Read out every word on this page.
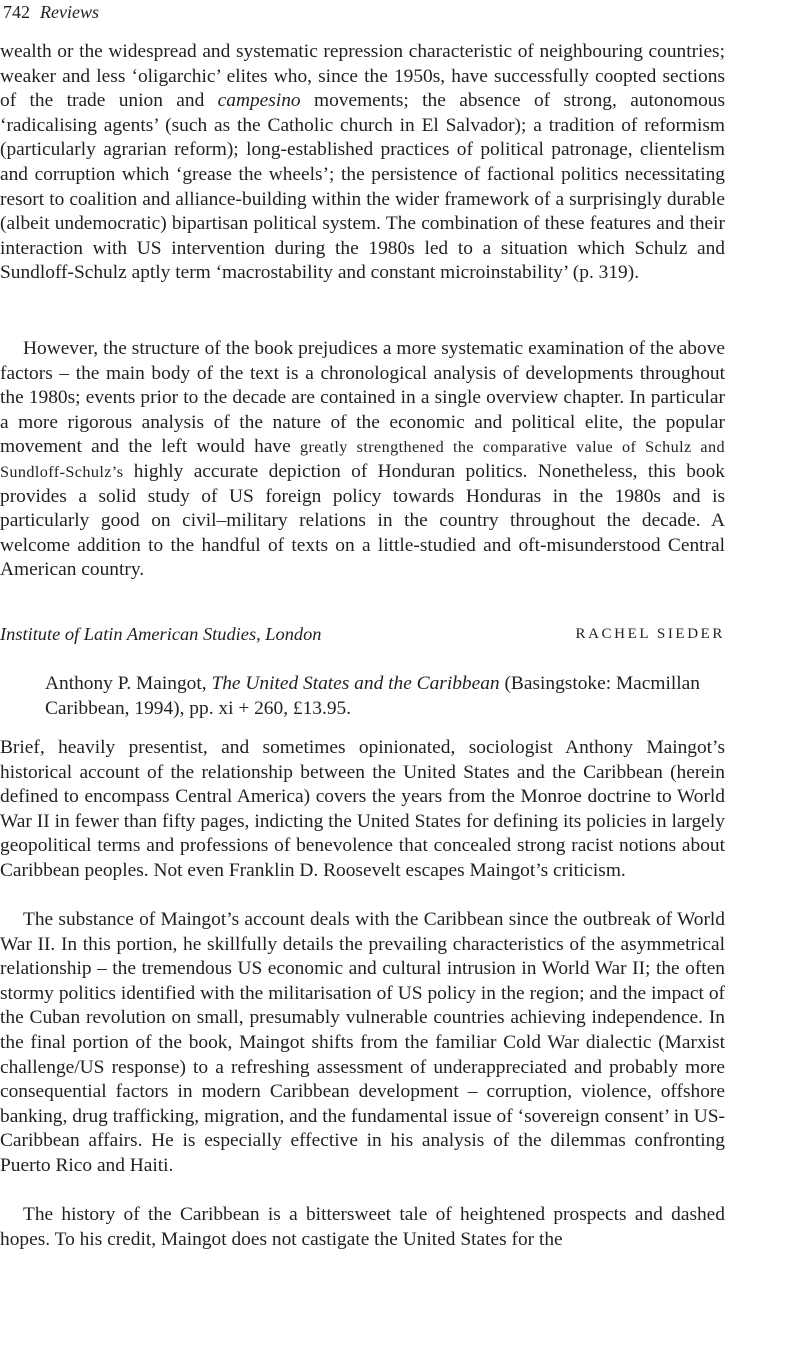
742 Reviews
wealth or the widespread and systematic repression characteristic of neighbouring countries; weaker and less ‘oligarchic’ elites who, since the 1950s, have successfully coopted sections of the trade union and campesino movements; the absence of strong, autonomous ‘radicalising agents’ (such as the Catholic church in El Salvador); a tradition of reformism (particularly agrarian reform); long-established practices of political patronage, clientelism and corruption which ‘grease the wheels’; the persistence of factional politics necessitating resort to coalition and alliance-building within the wider framework of a surprisingly durable (albeit undemocratic) bipartisan political system. The combination of these features and their interaction with US intervention during the 1980s led to a situation which Schulz and Sundloff-Schulz aptly term ‘macrostability and constant microinstability’ (p. 319).
However, the structure of the book prejudices a more systematic examination of the above factors – the main body of the text is a chronological analysis of developments throughout the 1980s; events prior to the decade are contained in a single overview chapter. In particular a more rigorous analysis of the nature of the economic and political elite, the popular movement and the left would have greatly strengthened the comparative value of Schulz and Sundloff-Schulz’s highly accurate depiction of Honduran politics. Nonetheless, this book provides a solid study of US foreign policy towards Honduras in the 1980s and is particularly good on civil–military relations in the country throughout the decade. A welcome addition to the handful of texts on a little-studied and oft-misunderstood Central American country.
Institute of Latin American Studies, London	RACHEL SIEDER
Anthony P. Maingot, The United States and the Caribbean (Basingstoke: Macmillan Caribbean, 1994), pp. xi + 260, £13.95.
Brief, heavily presentist, and sometimes opinionated, sociologist Anthony Maingot’s historical account of the relationship between the United States and the Caribbean (herein defined to encompass Central America) covers the years from the Monroe doctrine to World War II in fewer than fifty pages, indicting the United States for defining its policies in largely geopolitical terms and professions of benevolence that concealed strong racist notions about Caribbean peoples. Not even Franklin D. Roosevelt escapes Maingot’s criticism.
The substance of Maingot’s account deals with the Caribbean since the outbreak of World War II. In this portion, he skillfully details the prevailing characteristics of the asymmetrical relationship – the tremendous US economic and cultural intrusion in World War II; the often stormy politics identified with the militarisation of US policy in the region; and the impact of the Cuban revolution on small, presumably vulnerable countries achieving independence. In the final portion of the book, Maingot shifts from the familiar Cold War dialectic (Marxist challenge/US response) to a refreshing assessment of underappreciated and probably more consequential factors in modern Caribbean development – corruption, violence, offshore banking, drug trafficking, migration, and the fundamental issue of ‘sovereign consent’ in US-Caribbean affairs. He is especially effective in his analysis of the dilemmas confronting Puerto Rico and Haiti.
The history of the Caribbean is a bittersweet tale of heightened prospects and dashed hopes. To his credit, Maingot does not castigate the United States for the
